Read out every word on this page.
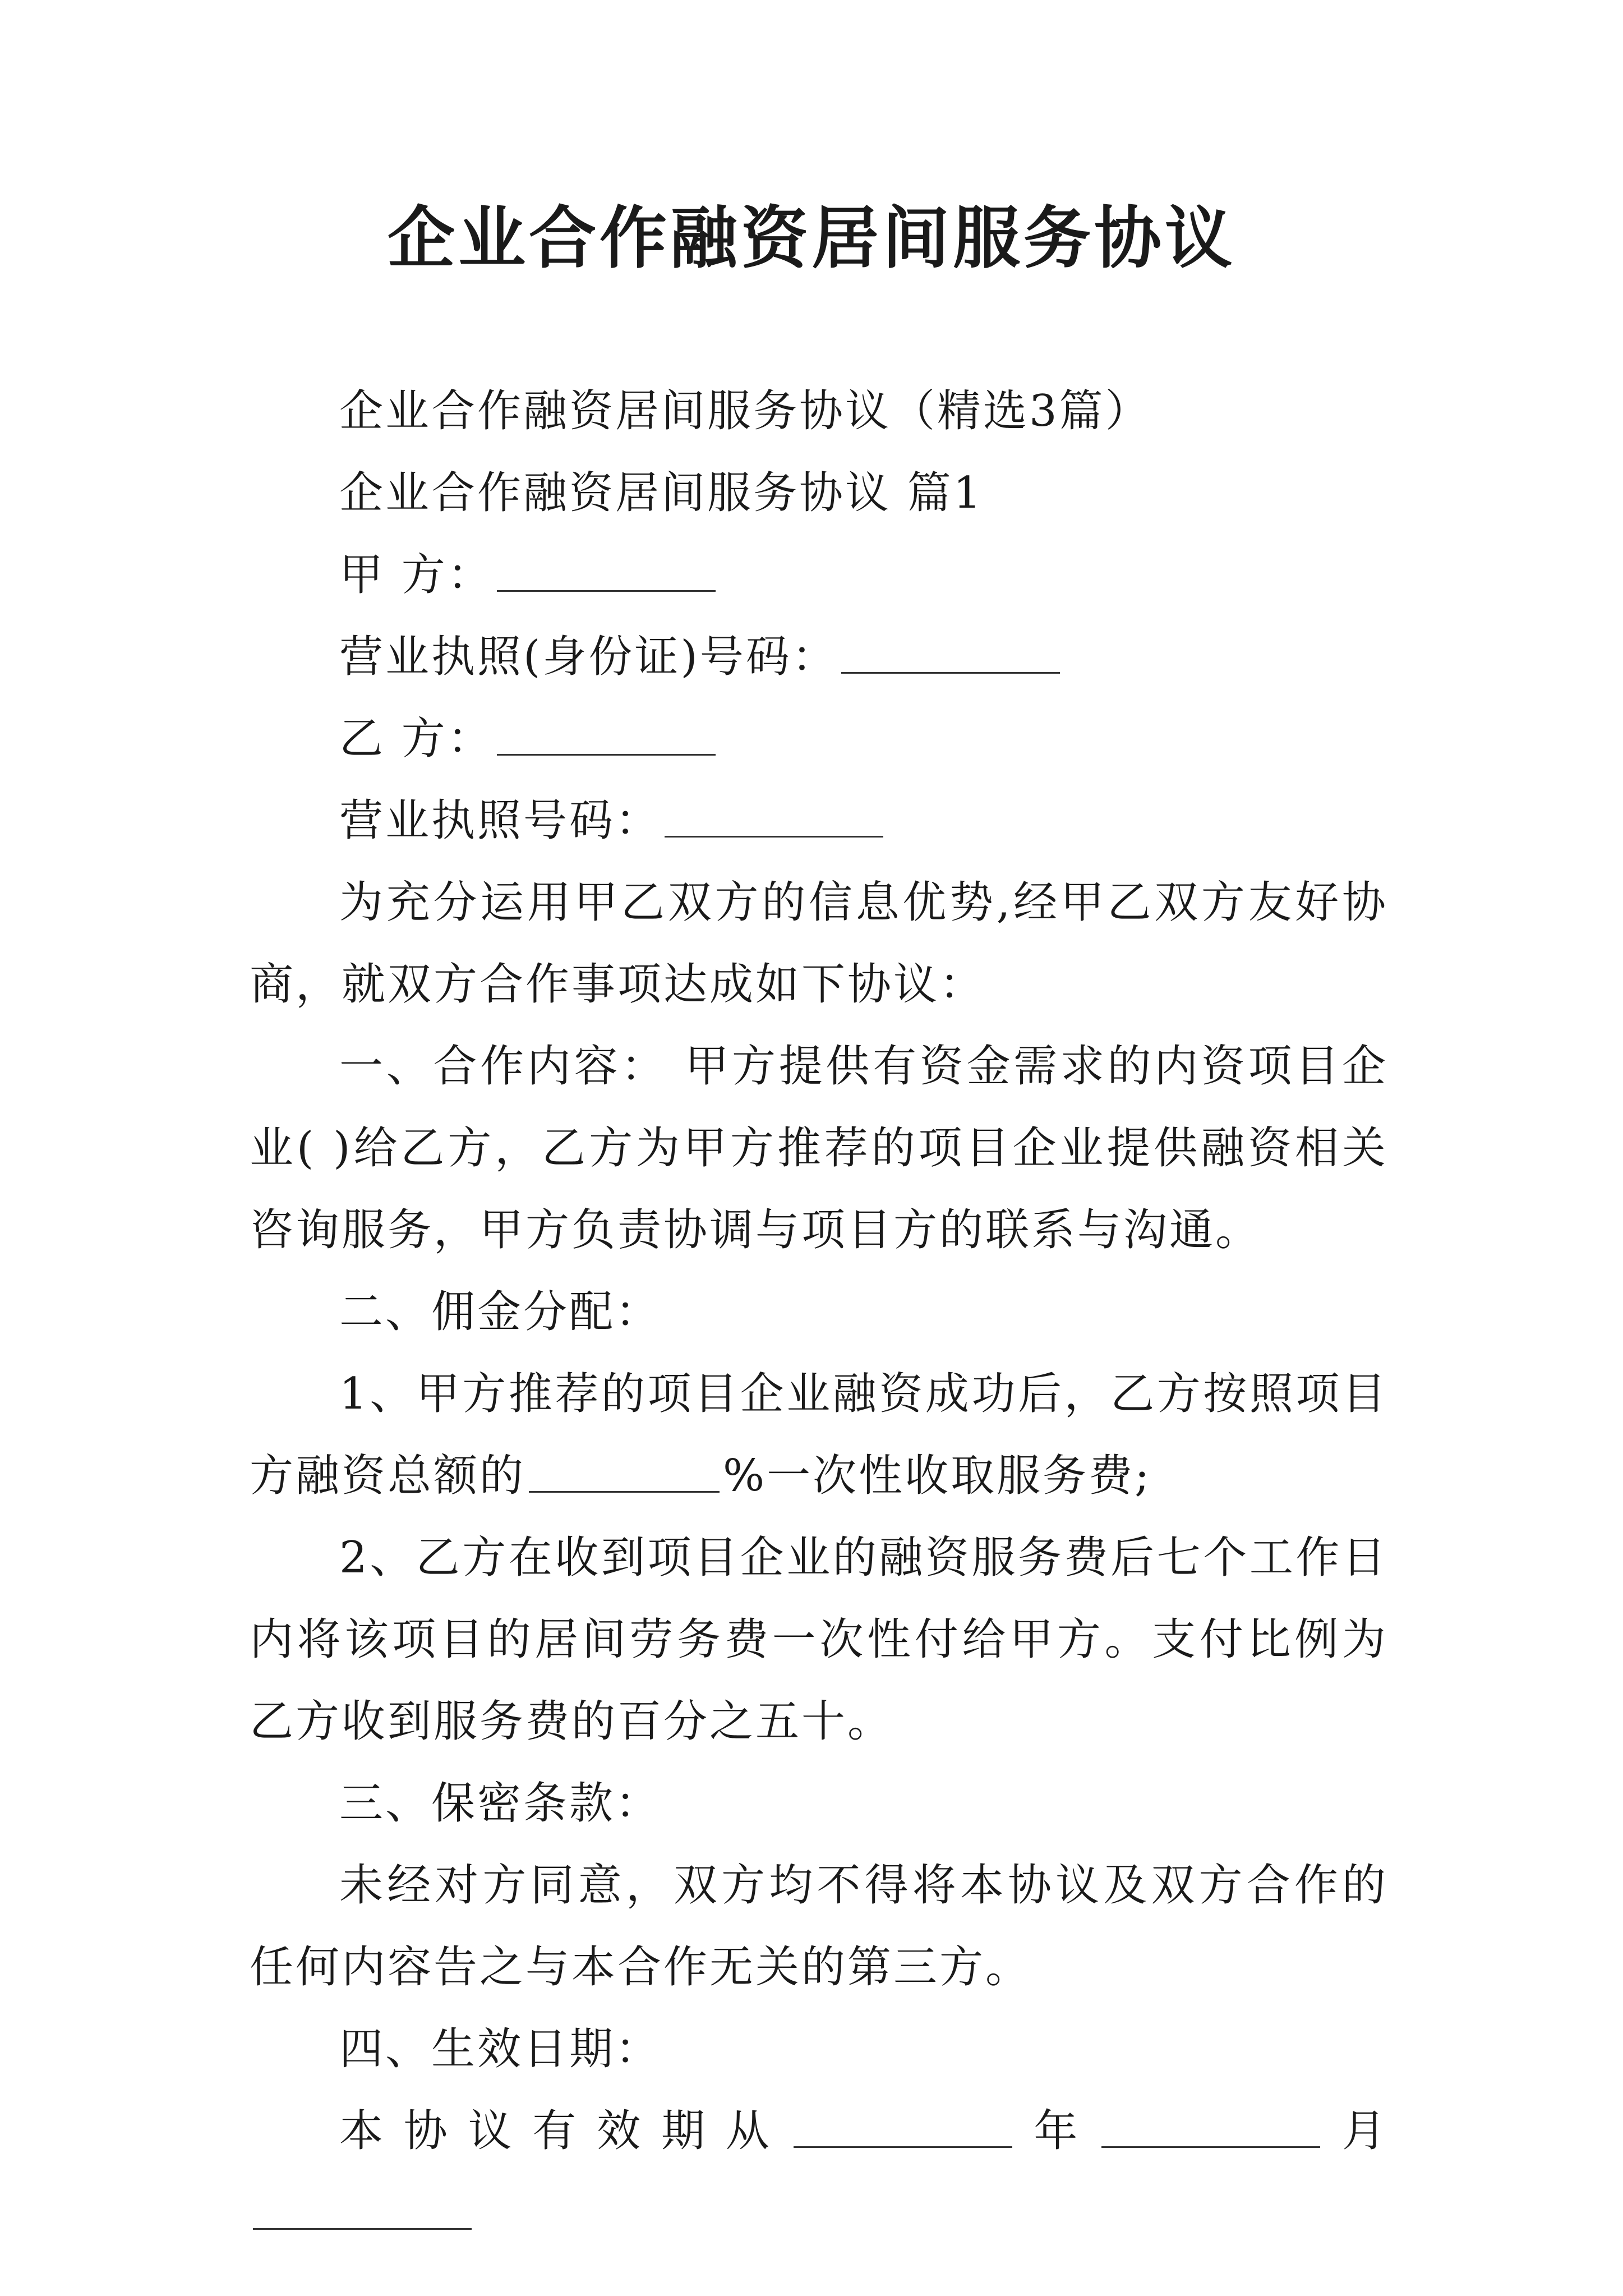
企业合作融资居间服务协议

企业合作融资居间服务协议（精选3篇）

企业合作融资居间服务协议 篇1

甲 方：

营业执照(身份证)号码：

乙 方：

营业执照号码：

为充分运用甲乙双方的信息优势,经甲乙双方友好协商，就双方合作事项达成如下协议：

一、合作内容： 甲方提供有资金需求的内资项目企业( )给乙方，乙方为甲方推荐的项目企业提供融资相关咨询服务，甲方负责协调与项目方的联系与沟通。

二、佣金分配：

1、甲方推荐的项目企业融资成功后，乙方按照项目方融资总额的	%一次性收取服务费;

2、乙方在收到项目企业的融资服务费后七个工作日内将该项目的居间劳务费一次性付给甲方。支付比例为乙方收到服务费的百分之五十。

三、保密条款：

未经对方同意，双方均不得将本协议及双方合作的任何内容告之与本合作无关的第三方。

四、生效日期：

本协议有效期从	年	月
